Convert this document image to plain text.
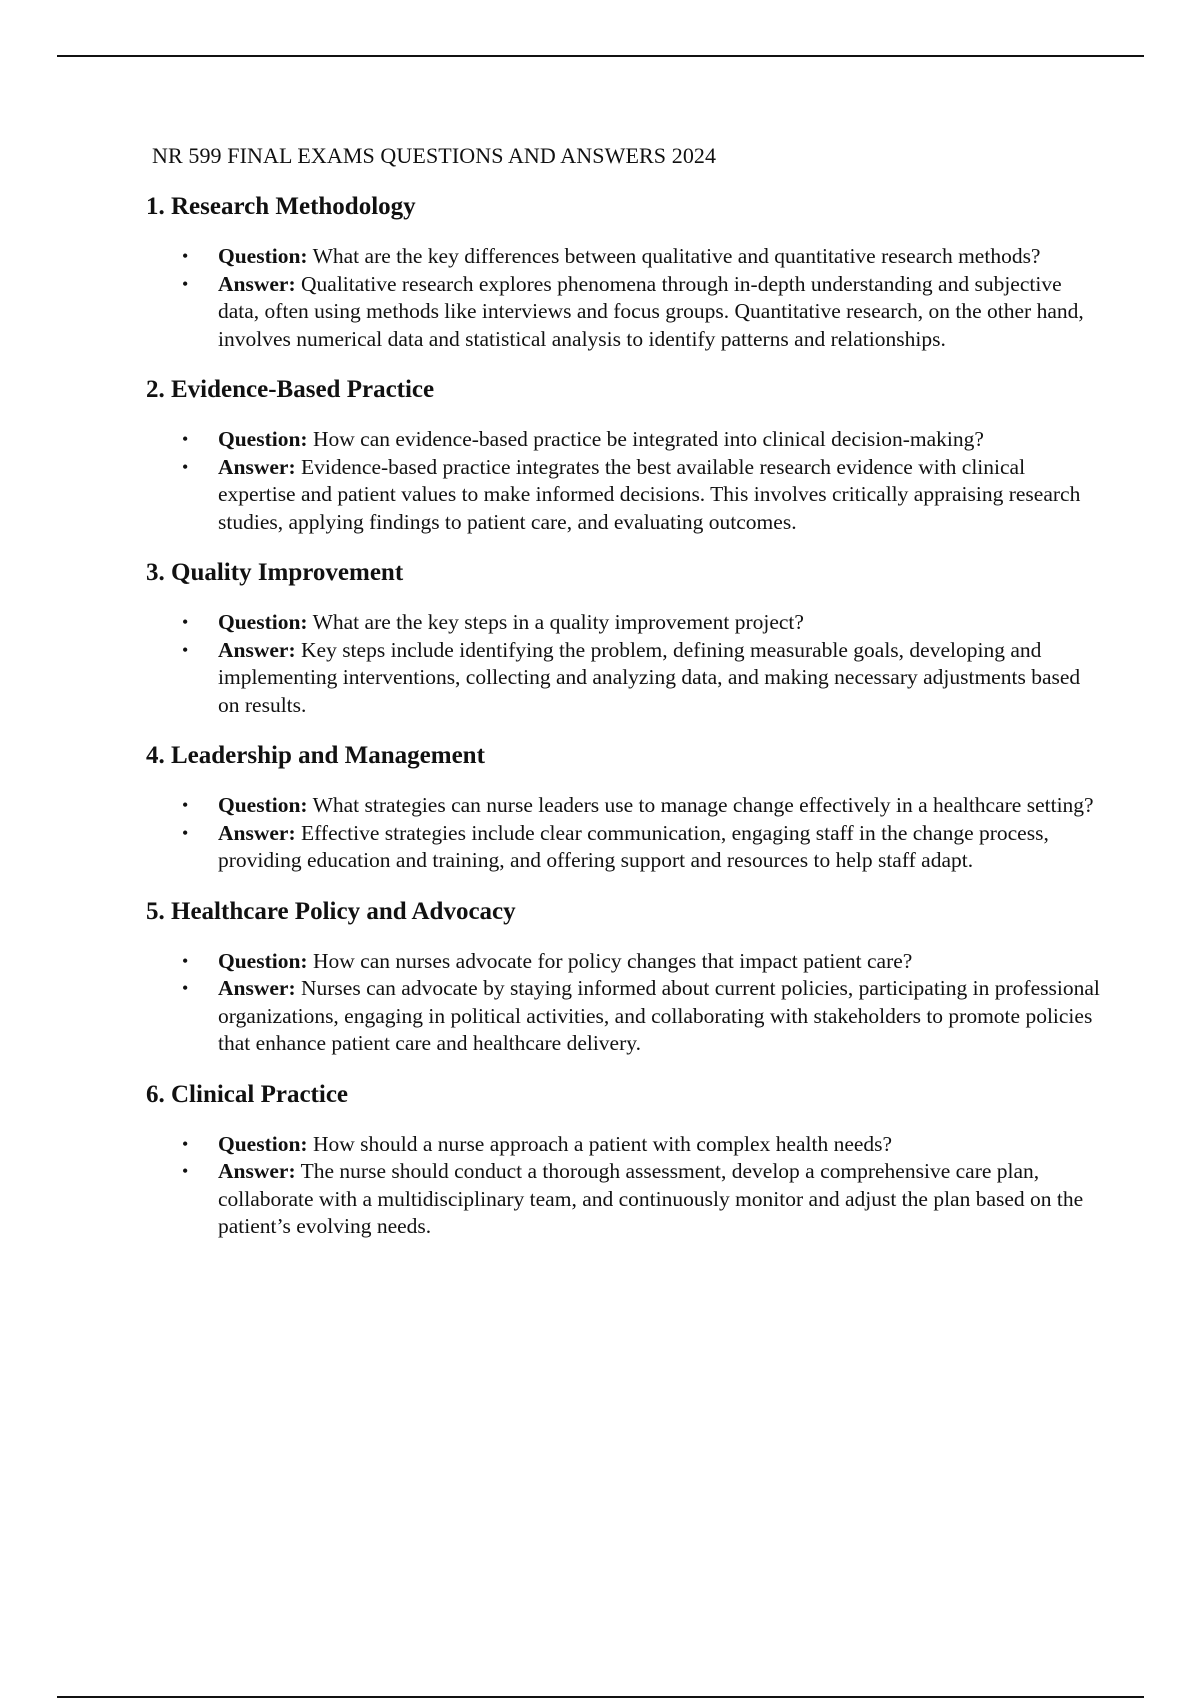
NR 599 FINAL EXAMS QUESTIONS AND ANSWERS 2024
1. Research Methodology
• Question: What are the key differences between qualitative and quantitative research methods?
• Answer: Qualitative research explores phenomena through in-depth understanding and subjective data, often using methods like interviews and focus groups. Quantitative research, on the other hand, involves numerical data and statistical analysis to identify patterns and relationships.
2. Evidence-Based Practice
• Question: How can evidence-based practice be integrated into clinical decision-making?
• Answer: Evidence-based practice integrates the best available research evidence with clinical expertise and patient values to make informed decisions. This involves critically appraising research studies, applying findings to patient care, and evaluating outcomes.
3. Quality Improvement
• Question: What are the key steps in a quality improvement project?
• Answer: Key steps include identifying the problem, defining measurable goals, developing and implementing interventions, collecting and analyzing data, and making necessary adjustments based on results.
4. Leadership and Management
• Question: What strategies can nurse leaders use to manage change effectively in a healthcare setting?
• Answer: Effective strategies include clear communication, engaging staff in the change process, providing education and training, and offering support and resources to help staff adapt.
5. Healthcare Policy and Advocacy
• Question: How can nurses advocate for policy changes that impact patient care?
• Answer: Nurses can advocate by staying informed about current policies, participating in professional organizations, engaging in political activities, and collaborating with stakeholders to promote policies that enhance patient care and healthcare delivery.
6. Clinical Practice
• Question: How should a nurse approach a patient with complex health needs?
• Answer: The nurse should conduct a thorough assessment, develop a comprehensive care plan, collaborate with a multidisciplinary team, and continuously monitor and adjust the plan based on the patient’s evolving needs.
